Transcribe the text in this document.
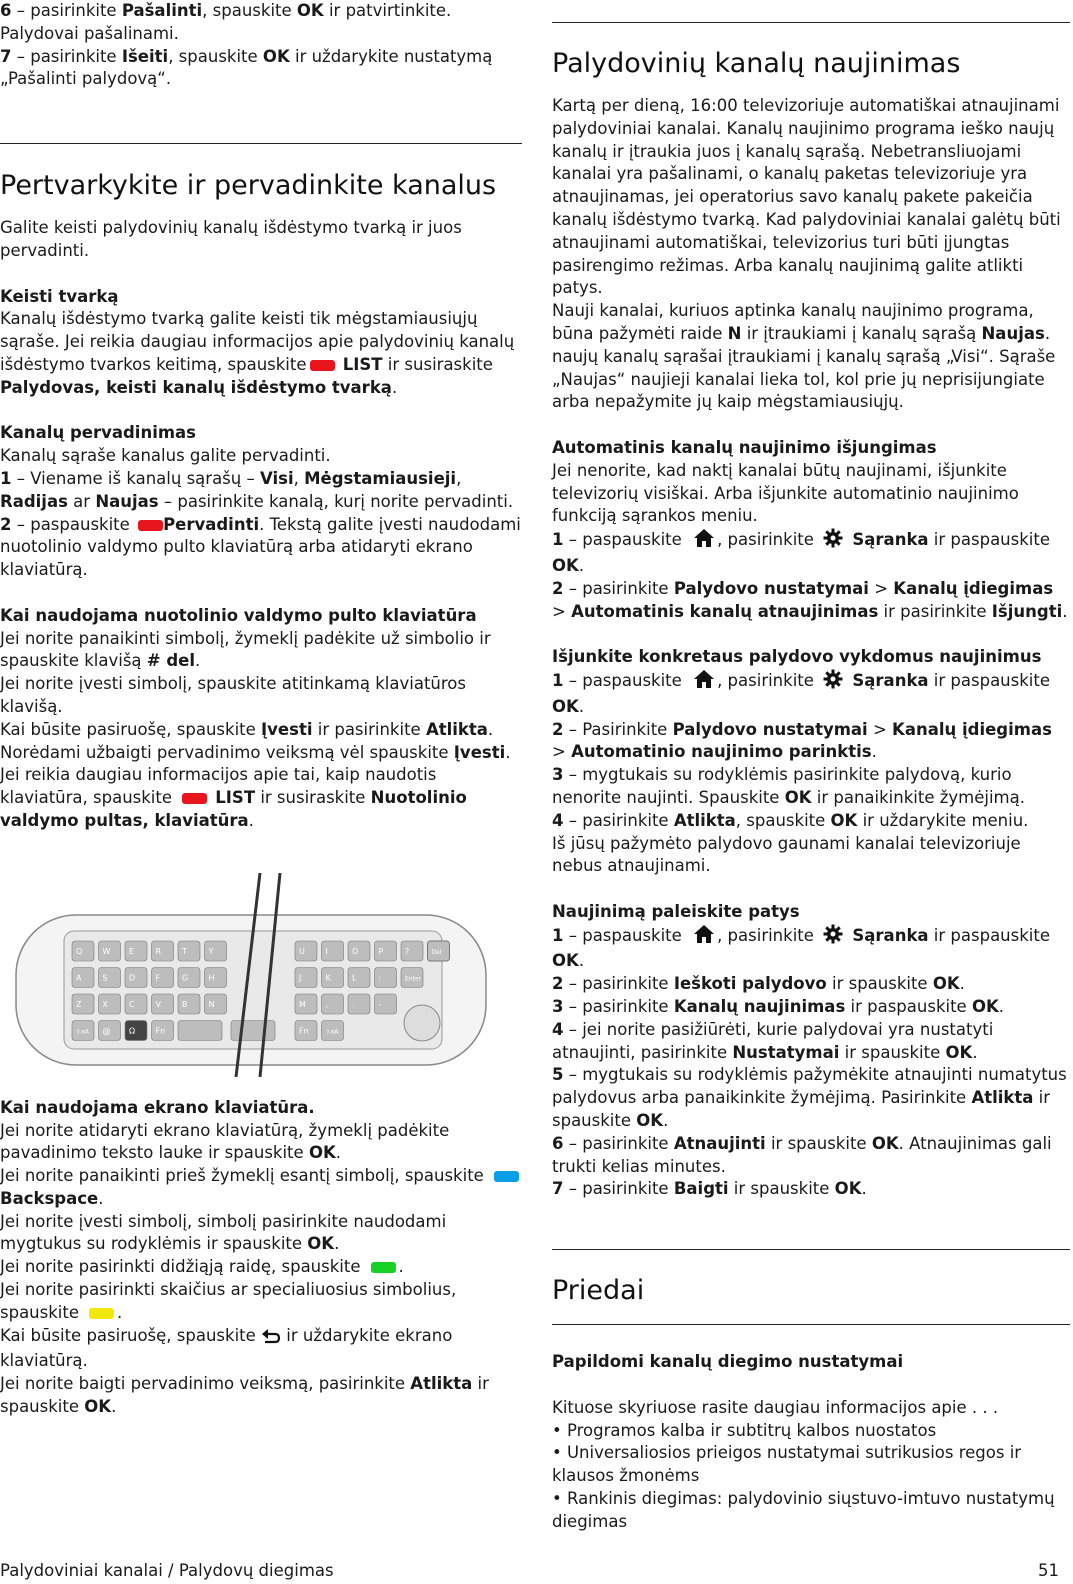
6 – pasirinkite Pašalinti, spauskite OK ir patvirtinkite. Palydovai pašalinami.

7 – pasirinkite Išeiti, spauskite OK ir uždarykite nustatymą „Pašalinti palydovą“.

Pertvarkykite ir pervadinkite kanalus

Galite keisti palydovinių kanalų išdėstymo tvarką ir juos pervadinti.

Keisti tvarką

Kanalų išdėstymo tvarką galite keisti tik mėgstamiausiųjų sąraše. Jei reikia daugiau informacijos apie palydovinių kanalų išdėstymo tvarkos keitimą, spauskite LIST ir susiraskite Palydovas, keisti kanalų išdėstymo tvarką.

Kanalų pervadinimas

Kanalų sąraše kanalus galite pervadinti.

1 – Viename iš kanalų sąrašų – Visi, Mėgstamiausieji, Radijas ar Naujas – pasirinkite kanalą, kurį norite pervadinti.

2 – paspauskite Pervadinti. Tekstą galite įvesti naudodami nuotolinio valdymo pulto klaviatūrą arba atidaryti ekrano klaviatūrą.

Kai naudojama nuotolinio valdymo pulto klaviatūra

Jei norite panaikinti simbolį, žymeklį padėkite už simbolio ir spauskite klavišą # del.

Jei norite įvesti simbolį, spauskite atitinkamą klaviatūros klavišą.

Kai būsite pasiruošę, spauskite Įvesti ir pasirinkite Atlikta.

Norėdami užbaigti pervadinimo veiksmą vėl spauskite Įvesti.

Jei reikia daugiau informacijos apie tai, kaip naudotis klaviatūra, spauskite	LIST ir susiraskite Nuotolinio valdymo pultas, klaviatūra.

Q	W E	R	T	Y	U	I	O	P	?
A	S	D	F	G	H	J	K	L	:	Enter
Z	X	C	V	B	N	M ,	.	-
⇧aA @ Ω	Fn	Fn	⇧aA
Del

Kai naudojama ekrano klaviatūra.

Jei norite atidaryti ekrano klaviatūrą, žymeklį padėkite pavadinimo teksto lauke ir spauskite OK.

Jei norite panaikinti prieš žymeklį esantį simbolį, spauskite
Backspace.

Jei norite įvesti simbolį, simbolį pasirinkite naudodami mygtukus su rodyklėmis ir spauskite OK.

Jei norite pasirinkti didžiąją raidę, spauskite .

Jei norite pasirinkti skaičius ar specialiuosius simbolius, spauskite .

Kai būsite pasiruošę, spauskite  ir uždarykite ekrano klaviatūrą.

Jei norite baigti pervadinimo veiksmą, pasirinkite Atlikta ir spauskite OK.

Palydovinių kanalų naujinimas

Kartą per dieną, 16:00 televizoriuje automatiškai atnaujinami palydoviniai kanalai. Kanalų naujinimo programa ieško naujų kanalų ir įtraukia juos į kanalų sąrašą. Nebetransliuojami kanalai yra pašalinami, o kanalų paketas televizoriuje yra atnaujinamas, jei operatorius savo kanalų pakete pakeičia kanalų išdėstymo tvarką. Kad palydoviniai kanalai galėtų būti atnaujinami automatiškai, televizorius turi būti įjungtas pasirengimo režimas. Arba kanalų naujinimą galite atlikti patys.

Nauji kanalai, kuriuos aptinka kanalų naujinimo programa, būna pažymėti raide N ir įtraukiami į kanalų sąrašą Naujas. naujų kanalų sąrašai įtraukiami į kanalų sąrašą „Visi“. Sąraše „Naujas“ naujieji kanalai lieka tol, kol prie jų neprisijungiate arba nepažymite jų kaip mėgstamiausiųjų.

Automatinis kanalų naujinimo išjungimas

Jei nenorite, kad naktį kanalai būtų naujinami, išjunkite televizorių visiškai. Arba išjunkite automatinio naujinimo funkciją sąrankos meniu.

1 – paspauskite , pasirinkite  Sąranka ir paspauskite OK.

2 – pasirinkite Palydovo nustatymai > Kanalų įdiegimas > Automatinis kanalų atnaujinimas ir pasirinkite Išjungti.

Išjunkite konkretaus palydovo vykdomus naujinimus

1 – paspauskite , pasirinkite  Sąranka ir paspauskite OK.

2 – Pasirinkite Palydovo nustatymai > Kanalų įdiegimas > Automatinio naujinimo parinktis.

3 – mygtukais su rodyklėmis pasirinkite palydovą, kurio nenorite naujinti. Spauskite OK ir panaikinkite žymėjimą.

4 – pasirinkite Atlikta, spauskite OK ir uždarykite meniu.

Iš jūsų pažymėto palydovo gaunami kanalai televizoriuje nebus atnaujinami.

Naujinimą paleiskite patys

1 – paspauskite , pasirinkite  Sąranka ir paspauskite OK.

2 – pasirinkite Ieškoti palydovo ir spauskite OK.

3 – pasirinkite Kanalų naujinimas ir paspauskite OK.

4 – jei norite pasižiūrėti, kurie palydovai yra nustatyti atnaujinti, pasirinkite Nustatymai ir spauskite OK.

5 – mygtukais su rodyklėmis pažymėkite atnaujinti numatytus palydovus arba panaikinkite žymėjimą. Pasirinkite Atlikta ir spauskite OK.

6 – pasirinkite Atnaujinti ir spauskite OK. Atnaujinimas gali trukti kelias minutes.

7 – pasirinkite Baigti ir spauskite OK.

Priedai

Papildomi kanalų diegimo nustatymai

Kituose skyriuose rasite daugiau informacijos apie . . .

• Programos kalba ir subtitrų kalbos nuostatos

• Universaliosios prieigos nustatymai sutrikusios regos ir klausos žmonėms

• Rankinis diegimas: palydovinio siųstuvo-imtuvo nustatymų diegimas

Palydoviniai kanalai / Palydovų diegimas	51
